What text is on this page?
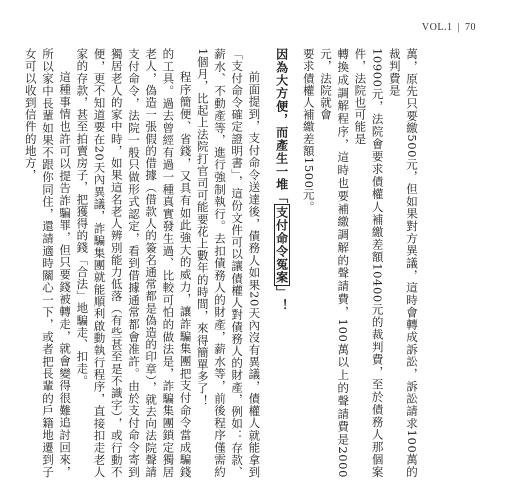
VOL.1 | 70

萬，原先只要繳500元，但如果對方異議，這時會轉成訴訟，訴訟請求100萬的裁判費是

10900元，法院會要求債權人補繳差額10400元的裁判費，至於債務人那個案件，法院也可能是

轉換成調解程序，這時也要補繳調解的聲請費，100萬以上的聲請費是2000元，法院就會

要求債權人補繳差額1500元。

因為大方便，而產生一堆「支付命令冤案」！

前面提到，支付命令送達後，債務人如果20天內沒有異議，債權人就能拿到「支付命令確定證明書」，這份文件可以讓債權人對債務人的財產，例如：存款、薪水、不動產等，進行強制執行。去扣債務人的財產，薪水等，前後程序僅需約1個月，比起上法院打官司可能要花上數年的時間，來得簡單多了！

程序簡便、省錢，又具有如此強大的威力，讓詐騙集團把支付命令當成騙錢的工具。過去曾經有過一種真實發生過、比較可怕的做法是，詐騙集團鎖定獨居老人，偽造一張假的借據（借款人的簽名通常都是偽造的印章），就去向法院聲請支付命令，法院一般只做形式認定，看到借據通常都會准許。由於支付命令寄到獨居老人的家中時，如果這名老人辨別能力低落（有些甚至是不識字），或行動不便，更不知道要在20天內異議，詐騙集團就能順利啟動執行程序，直接扣走老人家的存款，甚至拍賣房子，把獲得的錢「合法」地騙走、扣走。

這種事情也許可以提告詐騙罪，但只要錢被轉走，就會變得很難追討回來，所以家中長輩如果不跟你同住，還請適時關心一下，或者把長輩的戶籍地遷到子女可以收到信件的地方，
